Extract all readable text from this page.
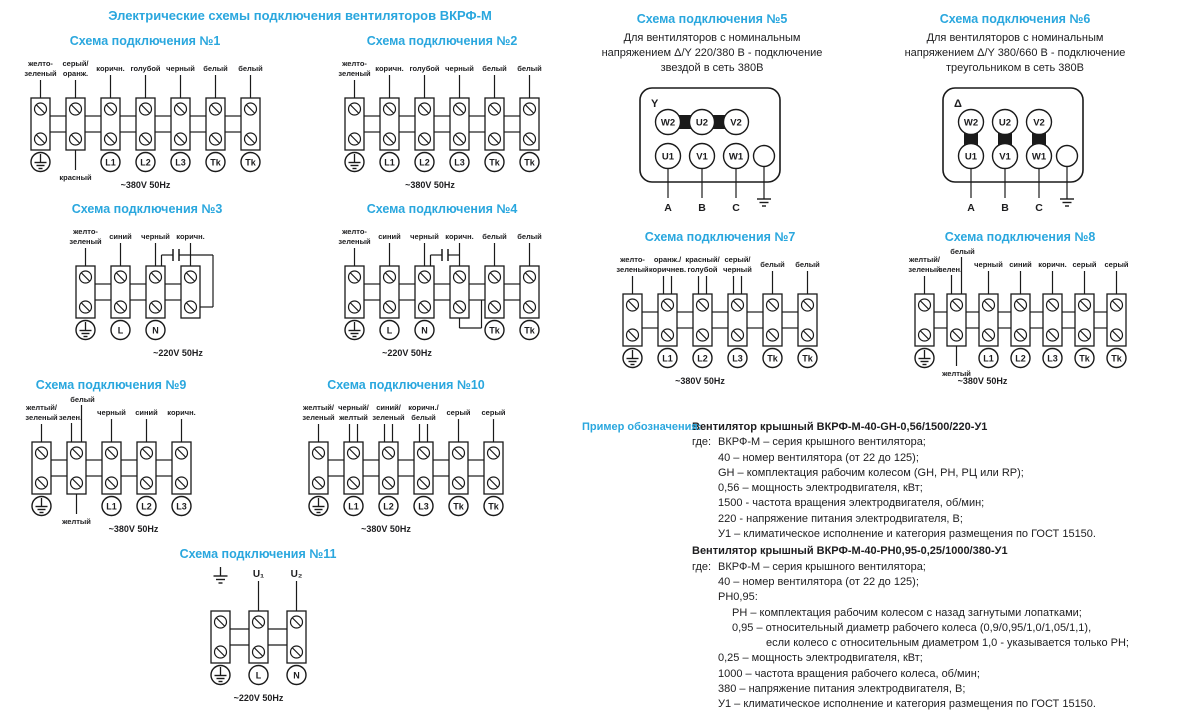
Электрические схемы подключения вентиляторов ВКРФ-М
Схема подключения №1
желто-зеленый
серый/ оранж.
красный
коричн.
L1
голубой
L2
черный
L3
белый
Tk
белый
Tk
~380V 50Hz
Схема подключения №2
желто-зеленый
коричн.
L1
голубой
L2
черный
L3
белый
Tk
белый
Tk
~380V 50Hz
Схема подключения №3
желто-зеленый
синий
L
черный
N
коричн.
~220V 50Hz
Схема подключения №4
желто-зеленый
синий
L
черный
N
коричн. белый
Tk
белый
Tk
~220V 50Hz
Схема подключения №5
Для вентиляторов с номинальным
напряжением Δ/Y 220/380 В - подключение
звездой в сеть 380В
Y
A	B	C
W2 U2 V2
U1 V1 W1
Схема подключения №6
Для вентиляторов с номинальным
напряжением Δ/Y 380/660 В - подключение
треугольником в сеть 380В
Δ
A	B	C
W2 U2 V2
U1 V1 W1
Схема подключения №7
желто-зеленый
оранж./ коричнев.
L1
красный/ голубой
L2
серый/ черный
L3
белый
Tk
белый
Tk
~380V 50Hz
Схема подключения №8
желтый/ зеленый
белый
зелен.
желтый
черный
L1
синий
L2
коричн.
L3
серый
Tk
серый
Tk
~380V 50Hz
Схема подключения №9
желтый/ зеленый
белый
зелен.
желтый
черный
L1
синий
L2
коричн.
L3
~380V 50Hz
Схема подключения №10
желтый/ зеленый
черный/ желтый
L1
синий/ зеленый
L2
коричн./ белый
L3
серый
Tk
серый
Tk
~380V 50Hz
Схема подключения №11
U₁
L
U₂
N
~220V 50Hz
Пример обозначения:
Вентилятор крышный ВКРФ-М-40-GH-0,56/1500/220-У1
где: ВКРФ-М – серия крышного вентилятора;
40 – номер вентилятора (от 22 до 125);
GH – комплектация рабочим колесом (GH, PH, РЦ или RP);
0,56 – мощность электродвигателя, кВт;
1500 - частота вращения электродвигателя, об/мин;
220 - напряжение питания электродвигателя, В;
У1 – климатическое исполнение и категория размещения по ГОСТ 15150.
Вентилятор крышный ВКРФ-М-40-РН0,95-0,25/1000/380-У1
где: ВКРФ-М – серия крышного вентилятора;
40 – номер вентилятора (от 22 до 125);
РН0,95:
РН – комплектация рабочим колесом с назад загнутыми лопатками;
0,95 – относительный диаметр рабочего колеса (0,9/0,95/1,0/1,05/1,1),
если колесо с относительным диаметром 1,0 - указывается только РН;
0,25 – мощность электродвигателя, кВт;
1000 – частота вращения рабочего колеса, об/мин;
380 – напряжение питания электродвигателя, В;
У1 – климатическое исполнение и категория размещения по ГОСТ 15150.
